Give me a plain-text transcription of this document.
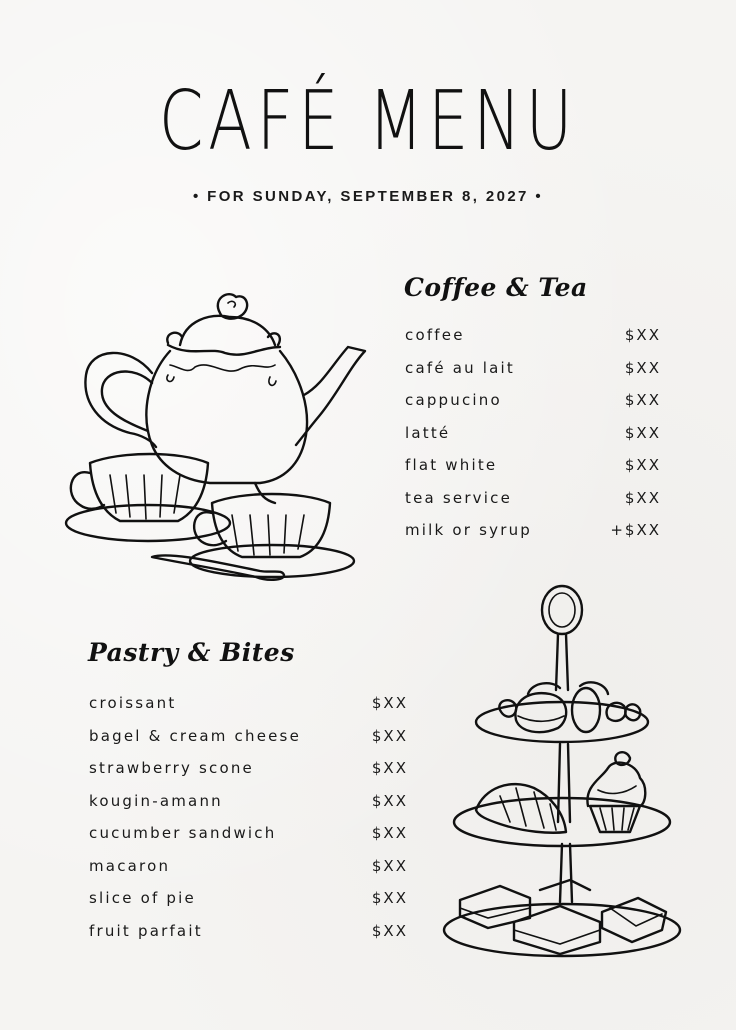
CAFÉ MENU
• FOR SUNDAY, SEPTEMBER 8, 2027 •
Coffee & Tea
coffee	$XX
café au lait	$XX
cappucino	$XX
latté	$XX
flat white	$XX
tea service	$XX
milk or syrup	+$XX
Pastry & Bites
croissant	$XX
bagel & cream cheese	$XX
strawberry scone	$XX
kougin-amann	$XX
cucumber sandwich	$XX
macaron	$XX
slice of pie	$XX
fruit parfait	$XX
